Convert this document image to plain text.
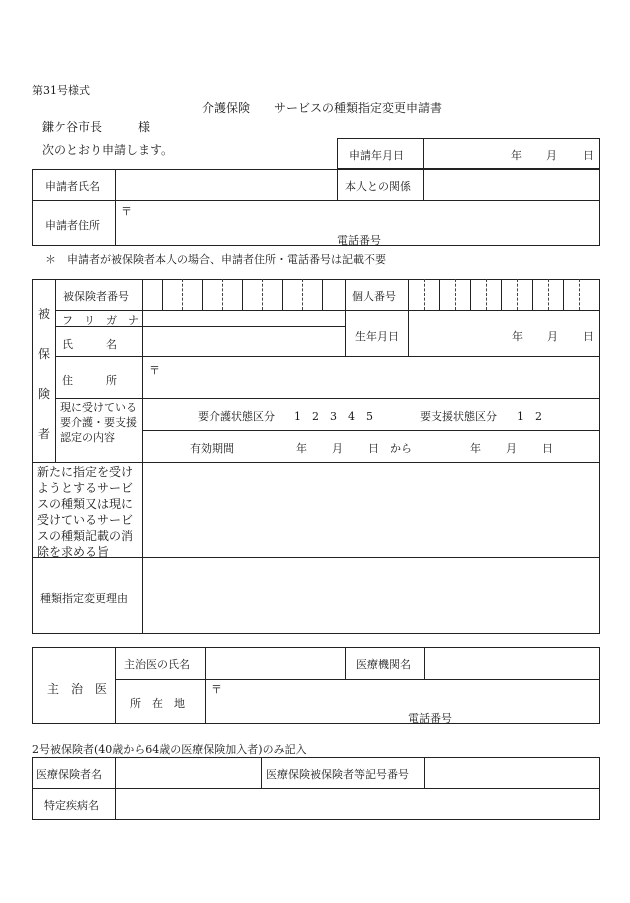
第31号様式
介護保険　　サービスの種類指定変更申請書
鎌ケ谷市長	様
次のとおり申請します。	申請年月日	年 月 日
申請者氏名	本人との関係
申請者住所
〒
電話番号
＊　申請者が被保険者本人の場合、申請者住所・電話番号は記載不要
被
保
険
者
被保険者番号	個人番号
フ　リ　ガ　ナ
氏　　　名
生年月日	年 月 日
住　　　所
〒
現に受けている要介護・要支援認定の内容
要介護状態区分 1　2　3　4　5	要支援状態区分 1　2
有効期間	年 月 日 から	年 月 日
新たに指定を受けようとするサービスの種類又は現に受けているサービスの種類記載の消除を求める旨
種類指定変更理由
主　治　医
主治医の氏名	医療機関名
所　在　地
〒
電話番号
2号被保険者(40歳から64歳の医療保険加入者)のみ記入
医療保険者名	医療保険被保険者等記号番号
特定疾病名
